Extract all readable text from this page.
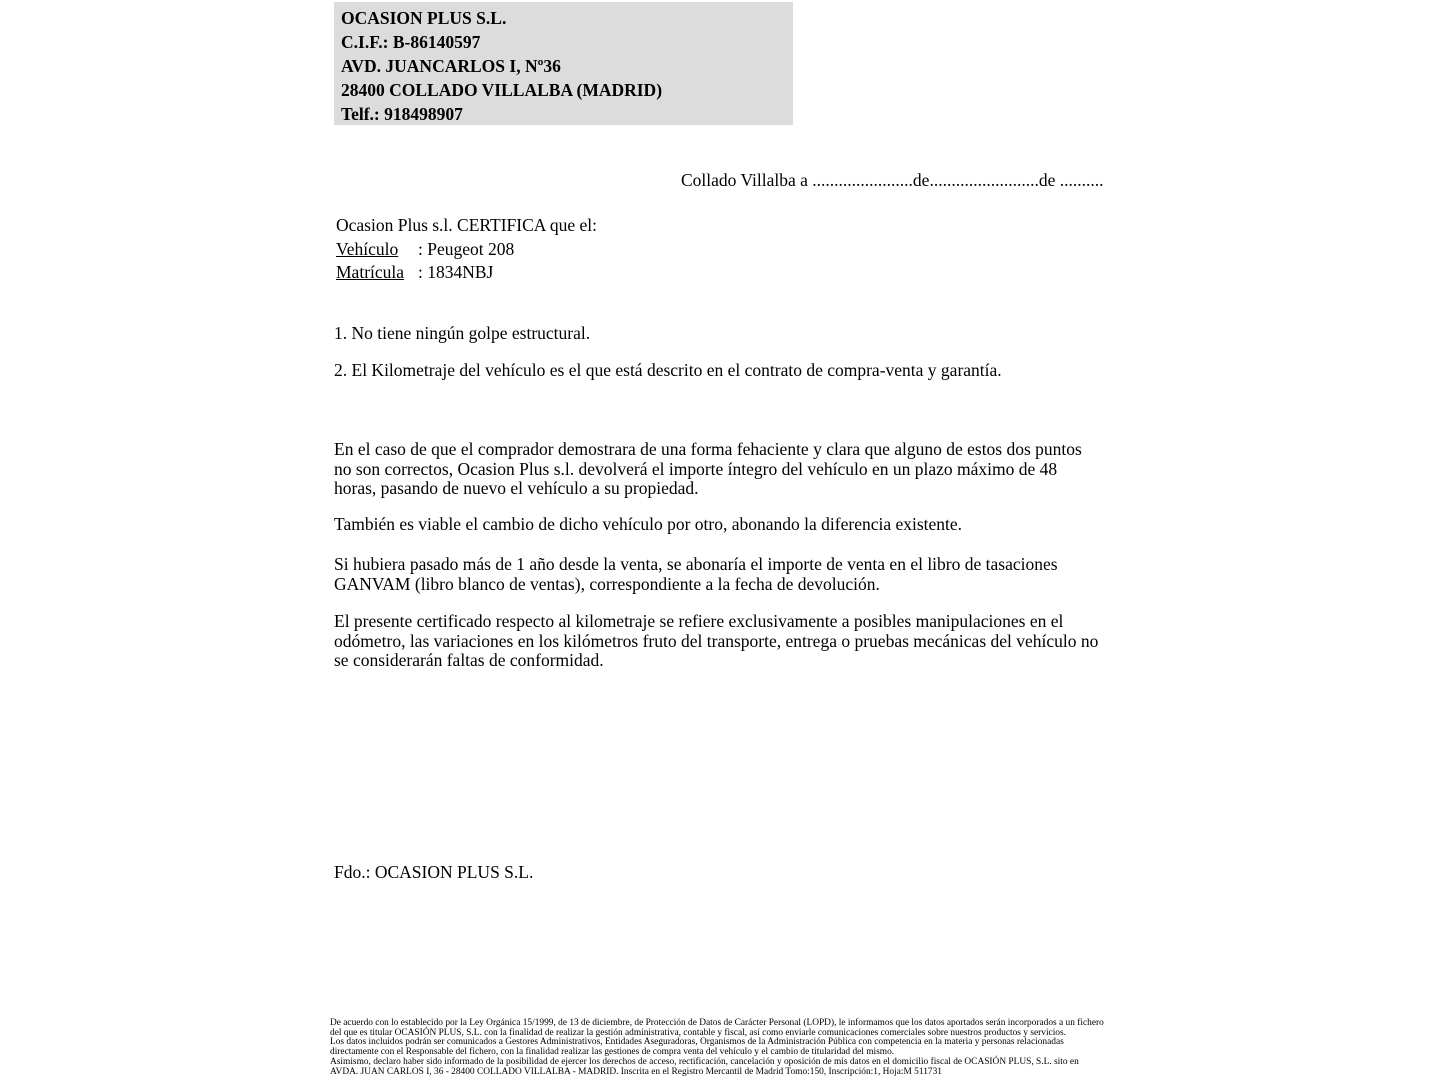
OCASION PLUS S.L.
C.I.F.: B-86140597
AVD. JUANCARLOS I, Nº36
28400 COLLADO VILLALBA (MADRID)
Telf.: 918498907
Collado Villalba a .......................de.........................de ..........
Ocasion Plus s.l. CERTIFICA que el:
Vehículo : Peugeot 208
Matrícula : 1834NBJ
1. No tiene ningún golpe estructural.
2. El Kilometraje del vehículo es el que está descrito en el contrato de compra-venta y garantía.
En el caso de que el comprador demostrara de una forma fehaciente y clara que alguno de estos dos puntos no son correctos, Ocasion Plus s.l. devolverá el importe íntegro del vehículo en un plazo máximo de 48 horas, pasando de nuevo el vehículo a su propiedad.
También es viable el cambio de dicho vehículo por otro, abonando la diferencia existente.
Si hubiera pasado más de 1 año desde la venta, se abonaría el importe de venta en el libro de tasaciones GANVAM (libro blanco de ventas), correspondiente a la fecha de devolución.
El presente certificado respecto al kilometraje se refiere exclusivamente a posibles manipulaciones en el odómetro, las variaciones en los kilómetros fruto del transporte, entrega o pruebas mecánicas del vehículo no se considerarán faltas de conformidad.
Fdo.: OCASION PLUS S.L.

De acuerdo con lo establecido por la Ley Orgánica 15/1999, de 13 de diciembre, de Protección de Datos de Carácter Personal (LOPD), le informamos que los datos aportados serán incorporados a un fichero del que es titular OCASIÓN PLUS, S.L. con la finalidad de realizar la gestión administrativa, contable y fiscal, así como enviarle comunicaciones comerciales sobre nuestros productos y servicios.

Los datos incluidos podrán ser comunicados a Gestores Administrativos, Entidades Aseguradoras, Organismos de la Administración Pública con competencia en la materia y personas relacionadas directamente con el Responsable del fichero, con la finalidad realizar las gestiones de compra venta del vehículo y el cambio de titularidad del mismo.

Asimismo, declaro haber sido informado de la posibilidad de ejercer los derechos de acceso, rectificación, cancelación y oposición de mis datos en el domicilio fiscal de OCASIÓN PLUS, S.L. sito en AVDA. JUAN CARLOS I, 36 - 28400 COLLADO VILLALBA - MADRID. Inscrita en el Registro Mercantil de Madrid Tomo:150, Inscripción:1, Hoja:M 511731
